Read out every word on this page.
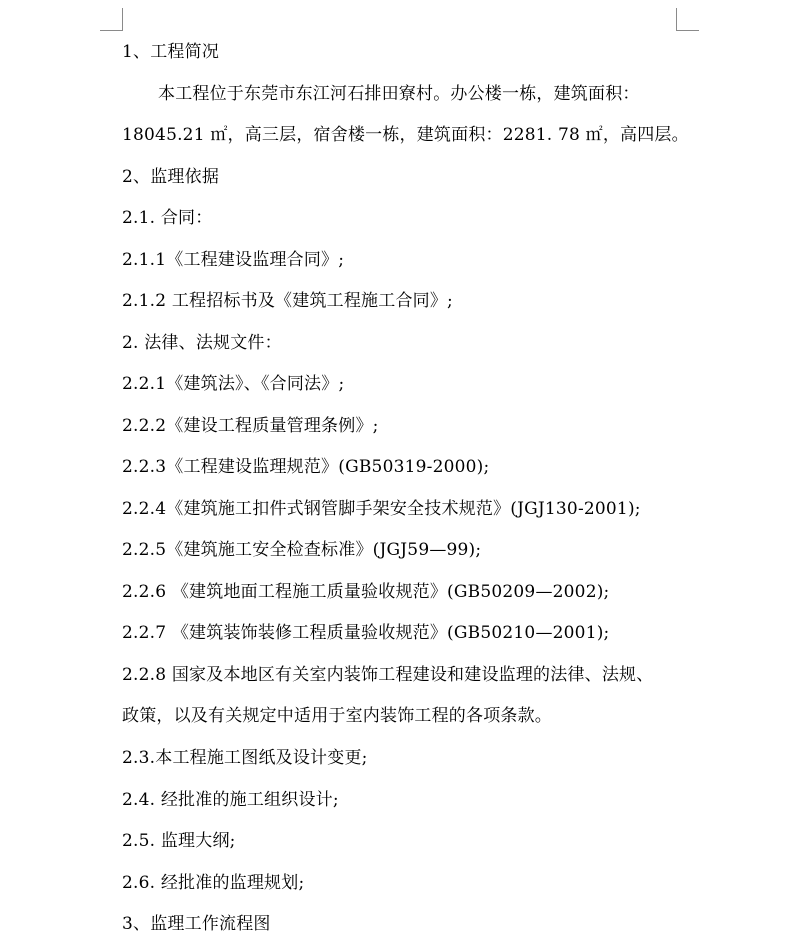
1、工程简况
本工程位于东莞市东江河石排田寮村。办公楼一栋，建筑面积：
18045.21 ㎡，高三层，宿舍楼一栋，建筑面积：2281. 78 ㎡，高四层。
2、监理依据
2.1. 合同：
2.1.1《工程建设监理合同》;
2.1.2 工程招标书及《建筑工程施工合同》;
2. 法律、法规文件：
2.2.1《建筑法》、《合同法》;
2.2.2《建设工程质量管理条例》;
2.2.3《工程建设监理规范》(GB50319-2000);
2.2.4《建筑施工扣件式钢管脚手架安全技术规范》(JGJ130-2001);
2.2.5《建筑施工安全检查标准》(JGJ59—99);
2.2.6 《建筑地面工程施工质量验收规范》(GB50209—2002);
2.2.7 《建筑装饰装修工程质量验收规范》(GB50210—2001);
2.2.8 国家及本地区有关室内装饰工程建设和建设监理的法律、法规、
政策，以及有关规定中适用于室内装饰工程的各项条款。
2.3.本工程施工图纸及设计变更;
2.4. 经批准的施工组织设计;
2.5. 监理大纲;
2.6. 经批准的监理规划;
3、监理工作流程图
